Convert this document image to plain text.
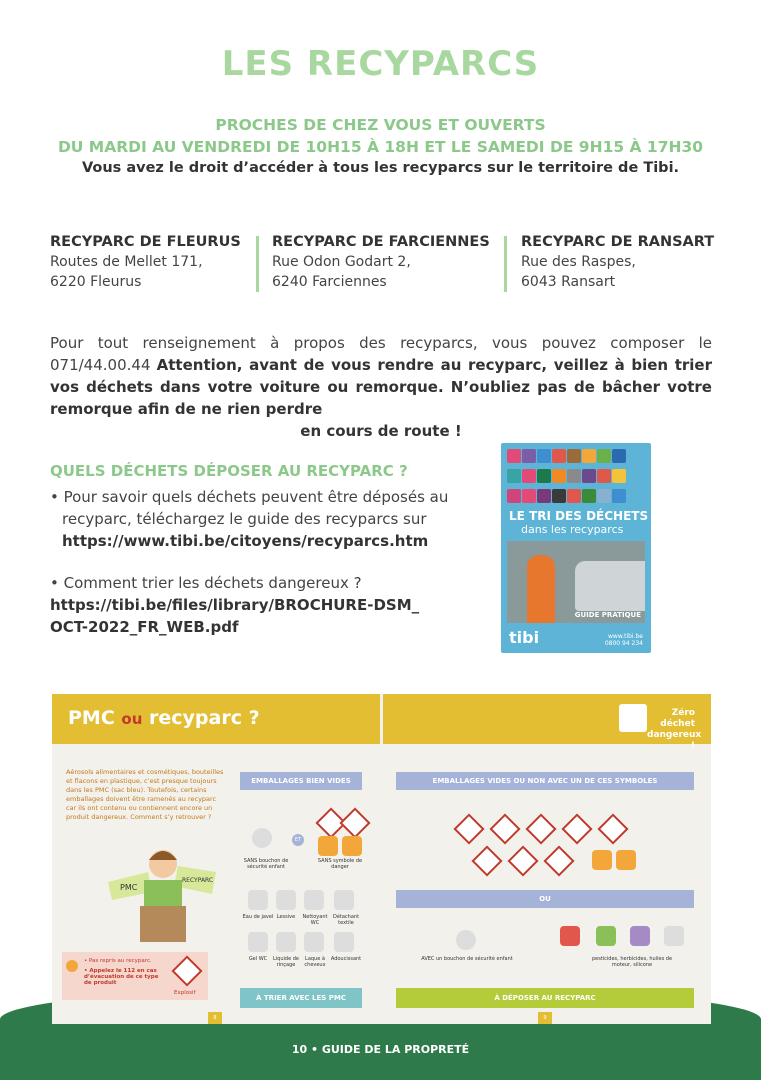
LES RECYPARCS
PROCHES DE CHEZ VOUS ET OUVERTS
DU MARDI AU VENDREDI DE 10H15 À 18H ET LE SAMEDI DE 9H15 À 17H30
Vous avez le droit d’accéder à tous les recyparcs sur le territoire de Tibi.
RECYPARC DE FLEURUS
Routes de Mellet 171,
6220 Fleurus
RECYPARC DE FARCIENNES
Rue Odon Godart 2,
6240 Farciennes
RECYPARC DE RANSART
Rue des Raspes,
6043 Ransart
Pour tout renseignement à propos des recyparcs, vous pouvez composer le 071/44.00.44 Attention, avant de vous rendre au recyparc, veillez à bien trier vos déchets dans votre voiture ou remorque. N’oubliez pas de bâcher votre remorque afin de ne rien perdre
en cours de route !
QUELS DÉCHETS DÉPOSER AU RECYPARC ?

• Pour savoir quels déchets peuvent être déposés au

recyparc, téléchargez le guide des recyparcs sur

https://www.tibi.be/citoyens/recyparcs.htm

• Comment trier les déchets dangereux ?

https://tibi.be/files/library/BROCHURE-DSM_

OCT-2022_FR_WEB.pdf

LE TRI DES DÉCHETS
dans les recyparcs
GUIDE PRATIQUE
tibi	www.tibi.be
0800 94 234
PMC ou recyparc ?	Zéro déchet
dangereux !
Aérosols alimentaires et cosmétiques, bouteilles et flacons en plastique, c’est presque toujours dans les PMC (sac bleu). Toutefois, certains emballages doivent être ramenés au recyparc car ils ont contenu ou contiennent encore un produit dangereux. Comment s’y retrouver ?
PMC
RECYPARC
• Pas repris au recyparc.
• Appelez le 112 en cas d’évacuation de ce type de produit
Explosif
EMBALLAGES BIEN VIDES	EMBALLAGES VIDES OU NON AVEC UN DE CES SYMBOLES
ET
SANS bouchon de sécurité enfant
SANS symbole de danger
Eau de javel Lessive	Nettoyant WC
Détachant textile
Gel WC	Liquide de rinçage
Laque à cheveux
Adoucissant
OU
AVEC un bouchon de sécurité enfant	pesticides, herbicides, huiles de moteur, silicone
À TRIER AVEC LES PMC	À DÉPOSER AU RECYPARC
8	9
10 • GUIDE DE LA PROPRETÉ
